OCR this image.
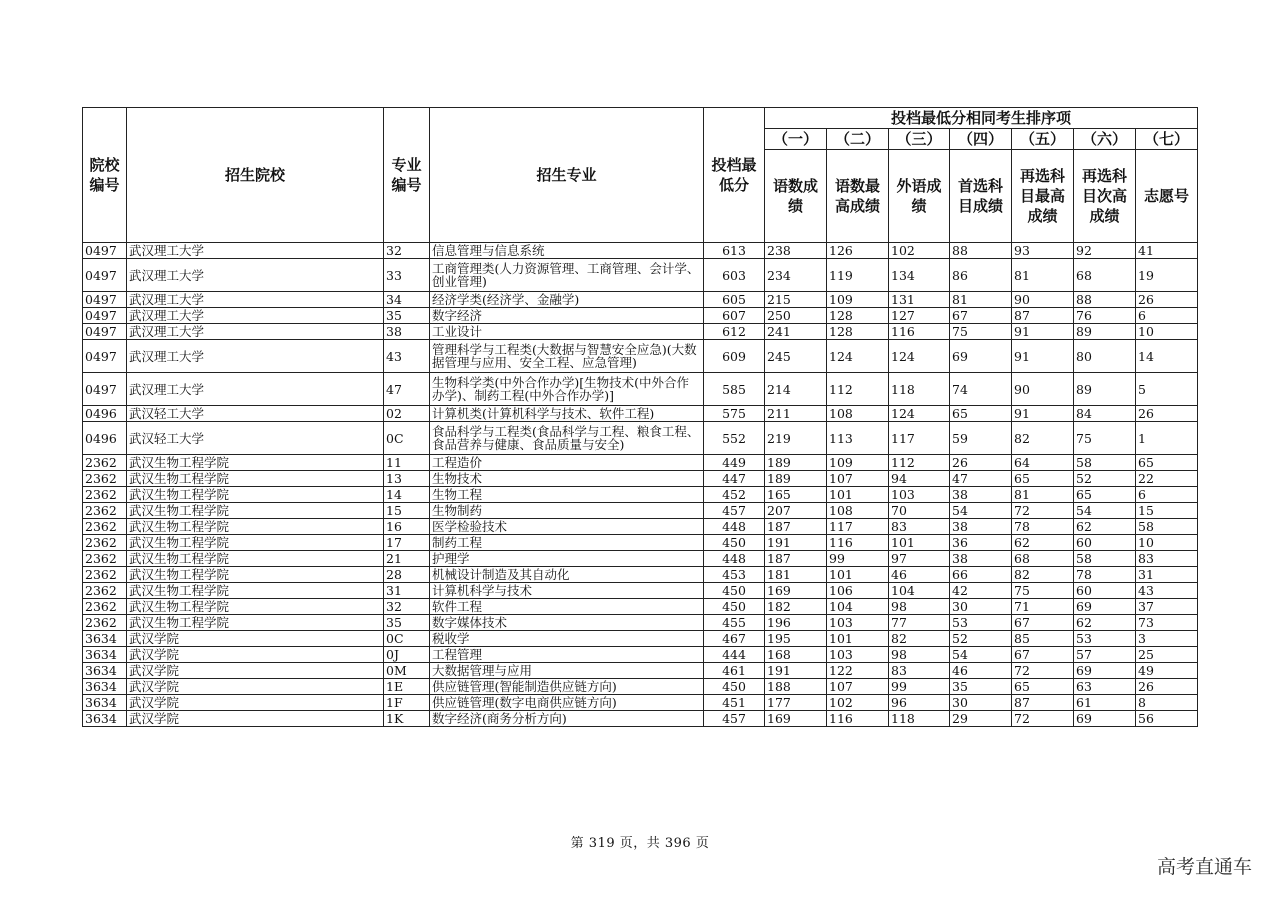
院校编号	招生院校	专业编号	招生专业	投档最低分	投档最低分相同考生排序项						
					（一）	（二）	（三）	（四）	（五）	（六）	（七）
					语数成绩	语数最高成绩	外语成绩	首选科目成绩	再选科目最高成绩	再选科目次高成绩	志愿号
0497	武汉理工大学	32	信息管理与信息系统	613	238	126	102	88	93	92	41
0497	武汉理工大学	33	工商管理类(人力资源管理、工商管理、会计学、创业管理)	603	234	119	134	86	81	68	19
0497	武汉理工大学	34	经济学类(经济学、金融学)	605	215	109	131	81	90	88	26
0497	武汉理工大学	35	数字经济	607	250	128	127	67	87	76	6
0497	武汉理工大学	38	工业设计	612	241	128	116	75	91	89	10
0497	武汉理工大学	43	管理科学与工程类(大数据与智慧安全应急)(大数据管理与应用、安全工程、应急管理)	609	245	124	124	69	91	80	14
0497	武汉理工大学	47	生物科学类(中外合作办学)[生物技术(中外合作办学)、制药工程(中外合作办学)]	585	214	112	118	74	90	89	5
0496	武汉轻工大学	02	计算机类(计算机科学与技术、软件工程)	575	211	108	124	65	91	84	26
0496	武汉轻工大学	0C	食品科学与工程类(食品科学与工程、粮食工程、食品营养与健康、食品质量与安全)	552	219	113	117	59	82	75	1
2362	武汉生物工程学院	11	工程造价	449	189	109	112	26	64	58	65
2362	武汉生物工程学院	13	生物技术	447	189	107	94	47	65	52	22
2362	武汉生物工程学院	14	生物工程	452	165	101	103	38	81	65	6
2362	武汉生物工程学院	15	生物制药	457	207	108	70	54	72	54	15
2362	武汉生物工程学院	16	医学检验技术	448	187	117	83	38	78	62	58
2362	武汉生物工程学院	17	制药工程	450	191	116	101	36	62	60	10
2362	武汉生物工程学院	21	护理学	448	187	99	97	38	68	58	83
2362	武汉生物工程学院	28	机械设计制造及其自动化	453	181	101	46	66	82	78	31
2362	武汉生物工程学院	31	计算机科学与技术	450	169	106	104	42	75	60	43
2362	武汉生物工程学院	32	软件工程	450	182	104	98	30	71	69	37
2362	武汉生物工程学院	35	数字媒体技术	455	196	103	77	53	67	62	73
3634	武汉学院	0C	税收学	467	195	101	82	52	85	53	3
3634	武汉学院	0J	工程管理	444	168	103	98	54	67	57	25
3634	武汉学院	0M	大数据管理与应用	461	191	122	83	46	72	69	49
3634	武汉学院	1E	供应链管理(智能制造供应链方向)	450	188	107	99	35	65	63	26
3634	武汉学院	1F	供应链管理(数字电商供应链方向)	451	177	102	96	30	87	61	8
3634	武汉学院	1K	数字经济(商务分析方向)	457	169	116	118	29	72	69	56
第 319 页，共 396 页
高考直通车
